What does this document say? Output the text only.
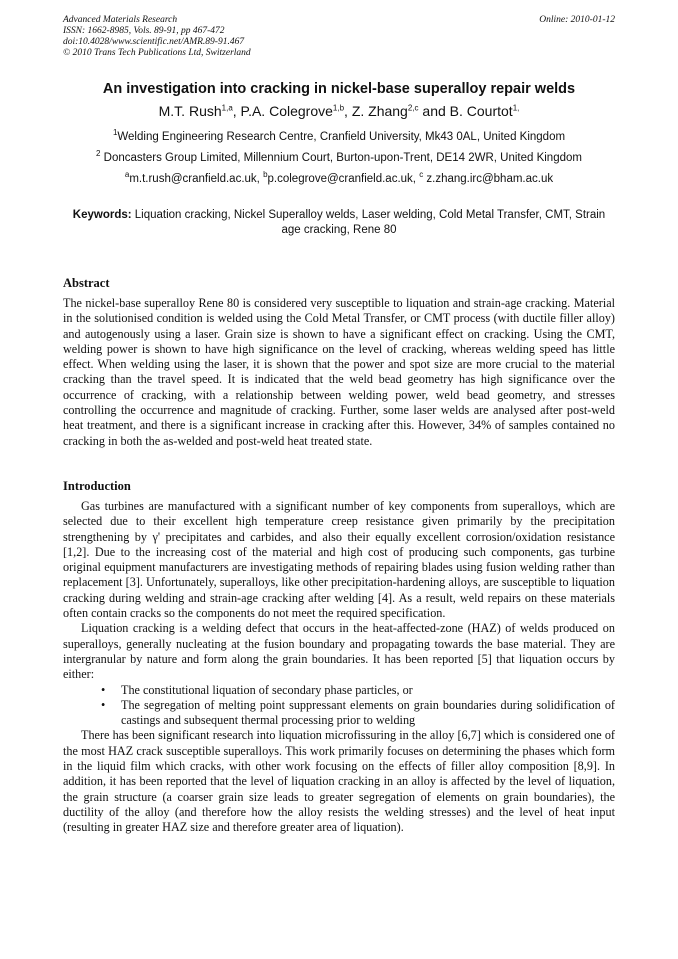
Advanced Materials Research
ISSN: 1662-8985, Vols. 89-91, pp 467-472
doi:10.4028/www.scientific.net/AMR.89-91.467
© 2010 Trans Tech Publications Ltd, Switzerland
Online: 2010-01-12
An investigation into cracking in nickel-base superalloy repair welds
M.T. Rush$^{1,a}$, P.A. Colegrove$^{1,b}$, Z. Zhang$^{2,c}$ and B. Courtot$^{1,}$
$^1$Welding Engineering Research Centre, Cranfield University, Mk43 0AL, United Kingdom
$^2$ Doncasters Group Limited, Millennium Court, Burton-upon-Trent, DE14 2WR, United Kingdom
$^a$m.t.rush@cranfield.ac.uk, $^b$p.colegrove@cranfield.ac.uk, $^c$ z.zhang.irc@bham.ac.uk
Keywords: Liquation cracking, Nickel Superalloy welds, Laser welding, Cold Metal Transfer, CMT, Strain age cracking, Rene 80
Abstract
The nickel-base superalloy Rene 80 is considered very susceptible to liquation and strain-age cracking. Material in the solutionised condition is welded using the Cold Metal Transfer, or CMT process (with ductile filler alloy) and autogenously using a laser. Grain size is shown to have a significant effect on cracking. Using the CMT, welding power is shown to have high significance on the level of cracking, whereas welding speed has little effect. When welding using the laser, it is shown that the power and spot size are more crucial to the material cracking than the travel speed. It is indicated that the weld bead geometry has high significance over the occurrence of cracking, with a relationship between welding power, weld bead geometry, and stresses controlling the occurrence and magnitude of cracking. Further, some laser welds are analysed after post-weld heat treatment, and there is a significant increase in cracking after this. However, 34% of samples contained no cracking in both the as-welded and post-weld heat treated state.
Introduction

Gas turbines are manufactured with a significant number of key components from superalloys, which are selected due to their excellent high temperature creep resistance given primarily by the precipitation strengthening by γ' precipitates and carbides, and also their equally excellent corrosion/oxidation resistance [1,2]. Due to the increasing cost of the material and high cost of producing such components, gas turbine original equipment manufacturers are investigating methods of repairing blades using fusion welding rather than replacement [3]. Unfortunately, superalloys, like other precipitation-hardening alloys, are susceptible to liquation cracking during welding and strain-age cracking after welding [4]. As a result, weld repairs on these materials often contain cracks so the components do not meet the required specification.

Liquation cracking is a welding defect that occurs in the heat-affected-zone (HAZ) of welds produced on superalloys, generally nucleating at the fusion boundary and propagating towards the base material. They are intergranular by nature and form along the grain boundaries. It has been reported [5] that liquation occurs by either:

• The constitutional liquation of secondary phase particles, or
• The segregation of melting point suppressant elements on grain boundaries during solidification of castings and subsequent thermal processing prior to welding

There has been significant research into liquation microfissuring in the alloy [6,7] which is considered one of the most HAZ crack susceptible superalloys. This work primarily focuses on determining the phases which form in the liquid film which cracks, with other work focusing on the effects of filler alloy composition [8,9]. In addition, it has been reported that the level of liquation cracking in an alloy is affected by the level of liquation, the grain structure (a coarser grain size leads to greater segregation of elements on grain boundaries), the ductility of the alloy (and therefore how the alloy resists the welding stresses) and the level of heat input (resulting in greater HAZ size and therefore greater area of liquation).
